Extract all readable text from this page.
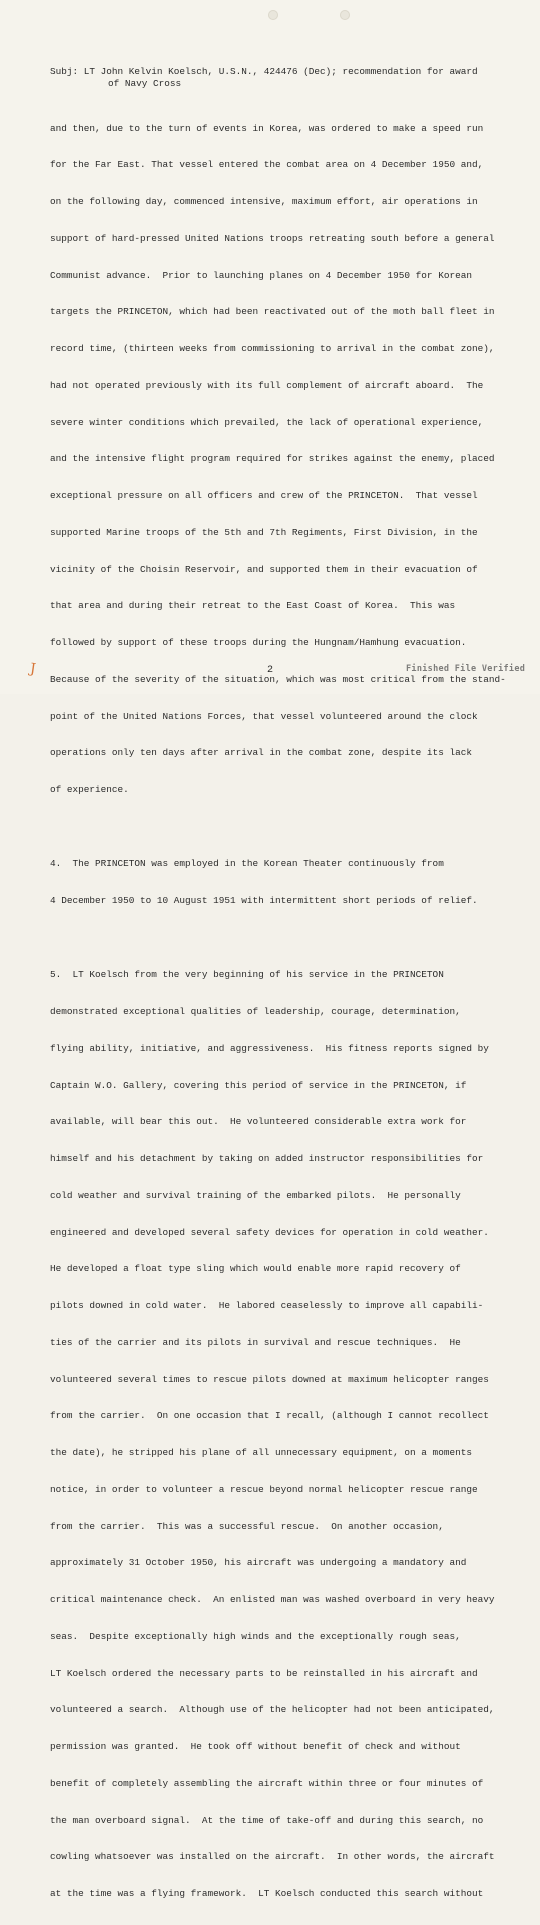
Subj: LT John Kelvin Koelsch, U.S.N., 424476 (Dec); recommendation for award
of Navy Cross

and then, due to the turn of events in Korea, was ordered to make a speed run

for the Far East. That vessel entered the combat area on 4 December 1950 and,

on the following day, commenced intensive, maximum effort, air operations in

support of hard-pressed United Nations troops retreating south before a general

Communist advance.  Prior to launching planes on 4 December 1950 for Korean

targets the PRINCETON, which had been reactivated out of the moth ball fleet in

record time, (thirteen weeks from commissioning to arrival in the combat zone),

had not operated previously with its full complement of aircraft aboard.  The

severe winter conditions which prevailed, the lack of operational experience,

and the intensive flight program required for strikes against the enemy, placed

exceptional pressure on all officers and crew of the PRINCETON.  That vessel

supported Marine troops of the 5th and 7th Regiments, First Division, in the

vicinity of the Choisin Reservoir, and supported them in their evacuation of

that area and during their retreat to the East Coast of Korea.  This was

followed by support of these troops during the Hungnam/Hamhung evacuation.

Because of the severity of the situation, which was most critical from the stand-

point of the United Nations Forces, that vessel volunteered around the clock

operations only ten days after arrival in the combat zone, despite its lack

of experience.

4.  The PRINCETON was employed in the Korean Theater continuously from

4 December 1950 to 10 August 1951 with intermittent short periods of relief.

5.  LT Koelsch from the very beginning of his service in the PRINCETON

demonstrated exceptional qualities of leadership, courage, determination,

flying ability, initiative, and aggressiveness.  His fitness reports signed by

Captain W.O. Gallery, covering this period of service in the PRINCETON, if

available, will bear this out.  He volunteered considerable extra work for

himself and his detachment by taking on added instructor responsibilities for

cold weather and survival training of the embarked pilots.  He personally

engineered and developed several safety devices for operation in cold weather.

He developed a float type sling which would enable more rapid recovery of

pilots downed in cold water.  He labored ceaselessly to improve all capabili-

ties of the carrier and its pilots in survival and rescue techniques.  He

volunteered several times to rescue pilots downed at maximum helicopter ranges

from the carrier.  On one occasion that I recall, (although I cannot recollect

the date), he stripped his plane of all unnecessary equipment, on a moments

notice, in order to volunteer a rescue beyond normal helicopter rescue range

from the carrier.  This was a successful rescue.  On another occasion,

approximately 31 October 1950, his aircraft was undergoing a mandatory and

critical maintenance check.  An enlisted man was washed overboard in very heavy

seas.  Despite exceptionally high winds and the exceptionally rough seas,

LT Koelsch ordered the necessary parts to be reinstalled in his aircraft and

volunteered a search.  Although use of the helicopter had not been anticipated,

permission was granted.  He took off without benefit of check and without

benefit of completely assembling the aircraft within three or four minutes of

the man overboard signal.  At the time of take-off and during this search, no

cowling whatsoever was installed on the aircraft.  In other words, the aircraft

at the time was a flying framework.  LT Koelsch conducted this search without

J	2	Finished File Verified
